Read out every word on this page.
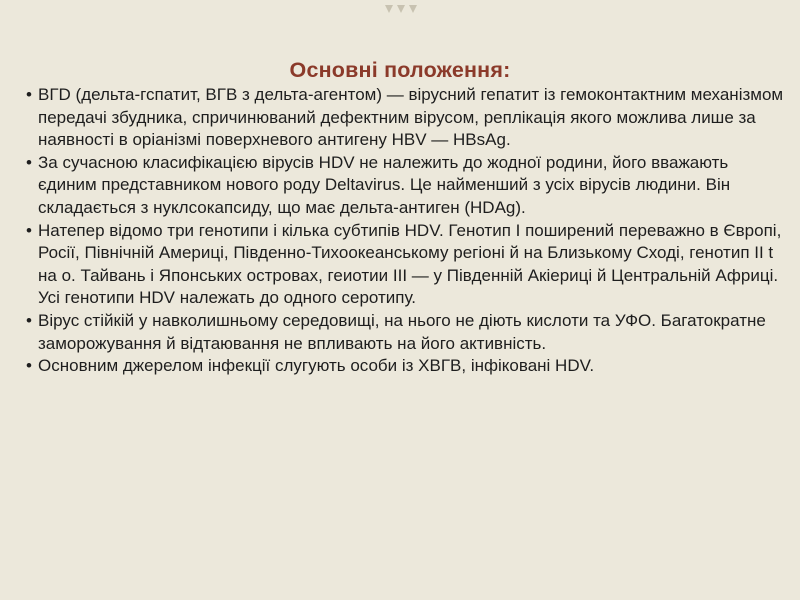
Основні положення:
• ВГD (дельта-гспатит, ВГВ з дельта-агентом) — вірусний гепатит із гемоконтактним механізмом передачі збудника, спричинюваний дефектним вірусом, реплікація якого можлива лише за наявності в оріанізмі поверхневого антигену HBV — HBsAg.
• За сучасною класифікацією вірусів HDV не належить до жодної родини, його вважають єдиним представником нового роду Deltavirus. Це найменший з усіх вірусів людини. Він складається з нуклсокапсиду, що має дельта-антиген (HDAg).
• Натепер відомо три генотипи і кілька субтипів HDV. Генотип І поширений переважно в Європі, Росії, Північній Америці, Південно-Тихоокеанському регіоні й на Близькому Сході, генотип II t на о. Тайвань і Японських островах, геиотии III — у Південній Акіериці й Центральній Африці. Усі генотипи HDV належать до одного серотипу.
• Вірус стійкій у навколишньому середовищі, на нього не діють кислоти та УФО. Багатократне заморожування й відтаювання не впливають на його активність.
• Основним джерелом інфекції слугують особи із ХВГВ, інфіковані HDV.
